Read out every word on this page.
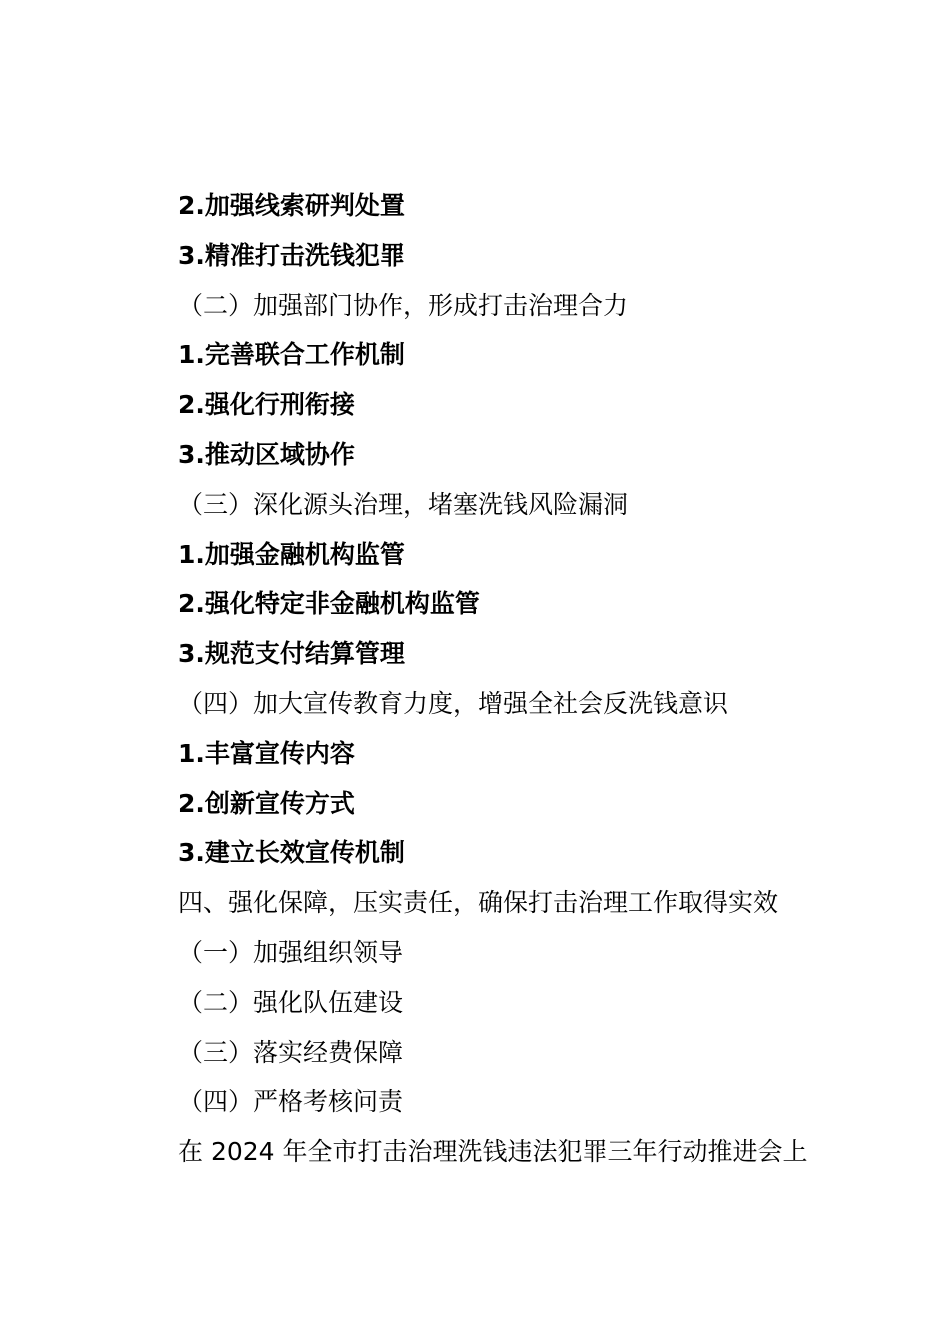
2.加强线索研判处置
3.精准打击洗钱犯罪
（二）加强部门协作，形成打击治理合力
1.完善联合工作机制
2.强化行刑衔接
3.推动区域协作
（三）深化源头治理，堵塞洗钱风险漏洞
1.加强金融机构监管
2.强化特定非金融机构监管
3.规范支付结算管理
（四）加大宣传教育力度，增强全社会反洗钱意识
1.丰富宣传内容
2.创新宣传方式
3.建立长效宣传机制
四、强化保障，压实责任，确保打击治理工作取得实效
（一）加强组织领导
（二）强化队伍建设
（三）落实经费保障
（四）严格考核问责
在 2024 年全市打击治理洗钱违法犯罪三年行动推进会上
